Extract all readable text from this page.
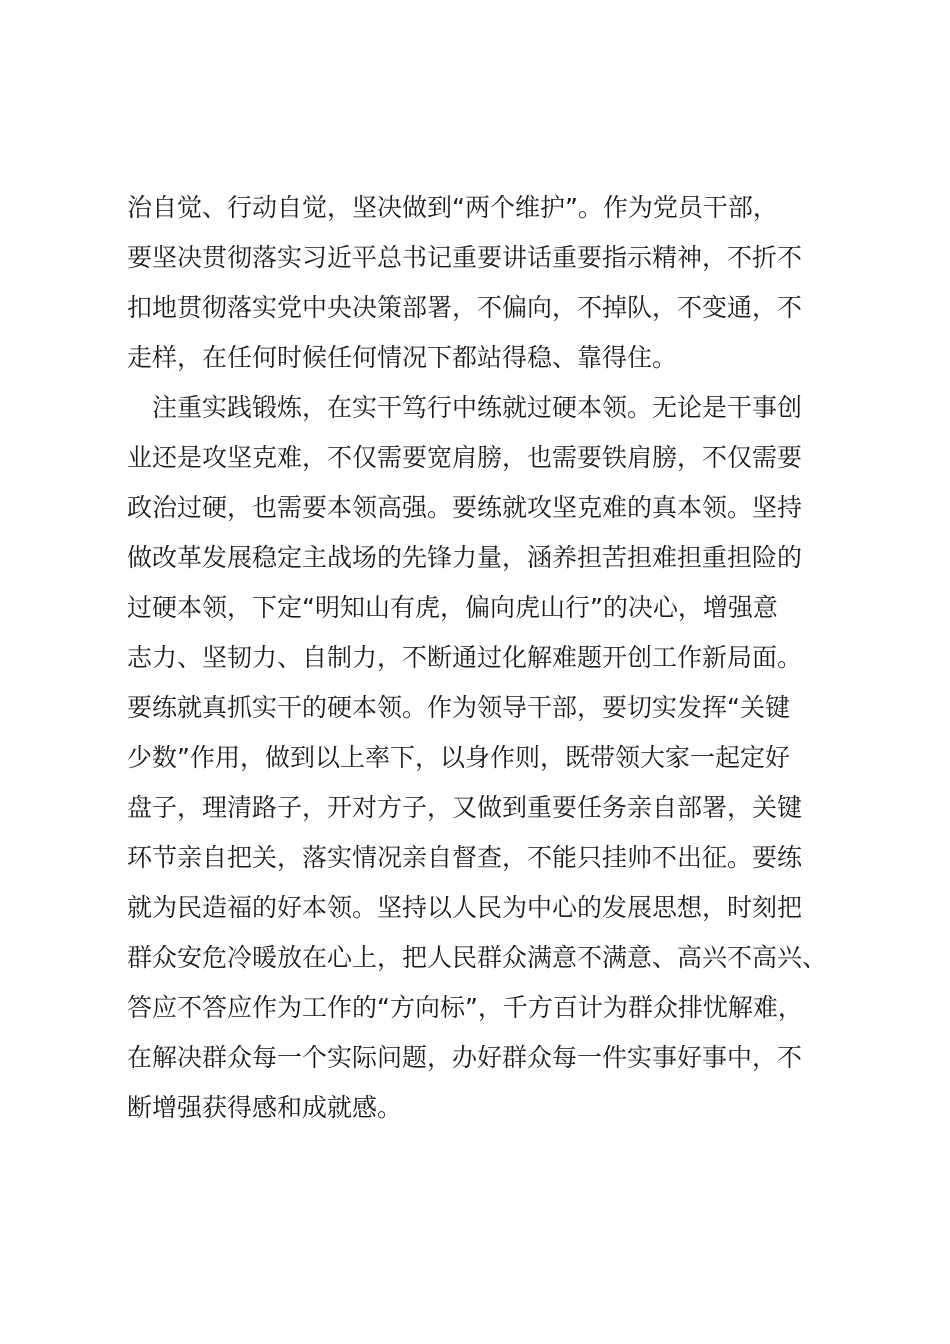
治自觉、行动自觉，坚决做到“两个维护”。作为党员干部，
要坚决贯彻落实习近平总书记重要讲话重要指示精神，不折不
扣地贯彻落实党中央决策部署，不偏向，不掉队，不变通，不
走样，在任何时候任何情况下都站得稳、靠得住。
　注重实践锻炼，在实干笃行中练就过硬本领。无论是干事创
业还是攻坚克难，不仅需要宽肩膀，也需要铁肩膀，不仅需要
政治过硬，也需要本领高强。要练就攻坚克难的真本领。坚持
做改革发展稳定主战场的先锋力量，涵养担苦担难担重担险的
过硬本领，下定“明知山有虎，偏向虎山行”的决心，增强意
志力、坚韧力、自制力，不断通过化解难题开创工作新局面。
要练就真抓实干的硬本领。作为领导干部，要切实发挥“关键
少数”作用，做到以上率下，以身作则，既带领大家一起定好
盘子，理清路子，开对方子，又做到重要任务亲自部署，关键
环节亲自把关，落实情况亲自督查，不能只挂帅不出征。要练
就为民造福的好本领。坚持以人民为中心的发展思想，时刻把
群众安危冷暖放在心上，把人民群众满意不满意、高兴不高兴、
答应不答应作为工作的“方向标”，千方百计为群众排忧解难，
在解决群众每一个实际问题，办好群众每一件实事好事中，不
断增强获得感和成就感。
